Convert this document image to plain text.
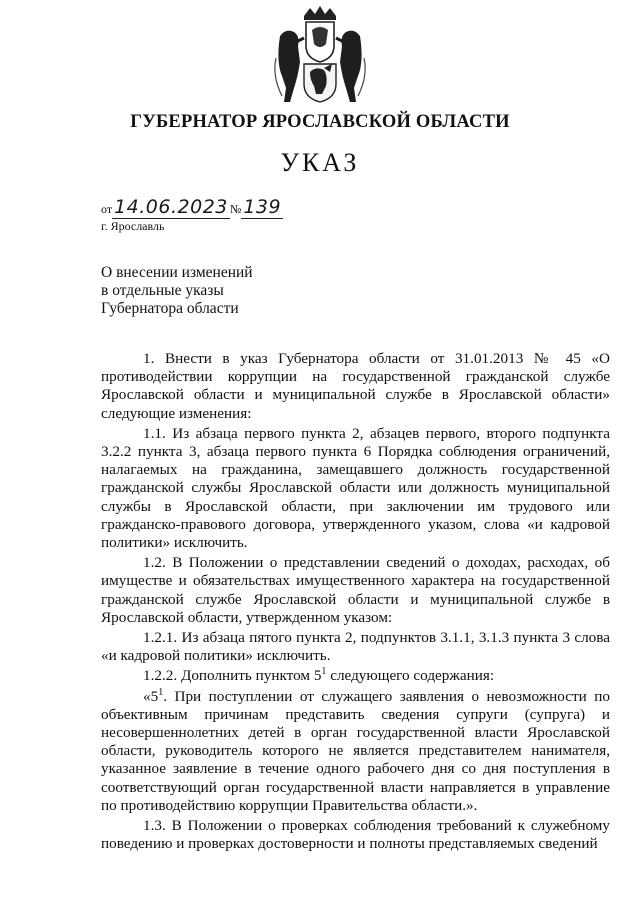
ГУБЕРНАТОР ЯРОСЛАВСКОЙ ОБЛАСТИ
УКАЗ
от 14.06.2023 № 139
г. Ярославль
О внесении изменений
в отдельные указы
Губернатора области

1. Внести в указ Губернатора области от 31.01.2013 № 45 «О противодействии коррупции на государственной гражданской службе Ярославской области и муниципальной службе в Ярославской области» следующие изменения:

1.1. Из абзаца первого пункта 2, абзацев первого, второго подпункта 3.2.2 пункта 3, абзаца первого пункта 6 Порядка соблюдения ограничений, налагаемых на гражданина, замещавшего должность государственной гражданской службы Ярославской области или должность муниципальной службы в Ярославской области, при заключении им трудового или гражданско-правового договора, утвержденного указом, слова «и кадровой политики» исключить.

1.2. В Положении о представлении сведений о доходах, расходах, об имуществе и обязательствах имущественного характера на государственной гражданской службе Ярославской области и муниципальной службе в Ярославской области, утвержденном указом:

1.2.1. Из абзаца пятого пункта 2, подпунктов 3.1.1, 3.1.3 пункта 3 слова «и кадровой политики» исключить.

1.2.2. Дополнить пунктом $5^1$ следующего содержания:

«$5^1$. При поступлении от служащего заявления о невозможности по объективным причинам представить сведения супруги (супруга) и несовершеннолетних детей в орган государственной власти Ярославской области, руководитель которого не является представителем нанимателя, указанное заявление в течение одного рабочего дня со дня поступления в соответствующий орган государственной власти направляется в управление по противодействию коррупции Правительства области.».

1.3. В Положении о проверках соблюдения требований к служебному поведению и проверках достоверности и полноты представляемых сведений
